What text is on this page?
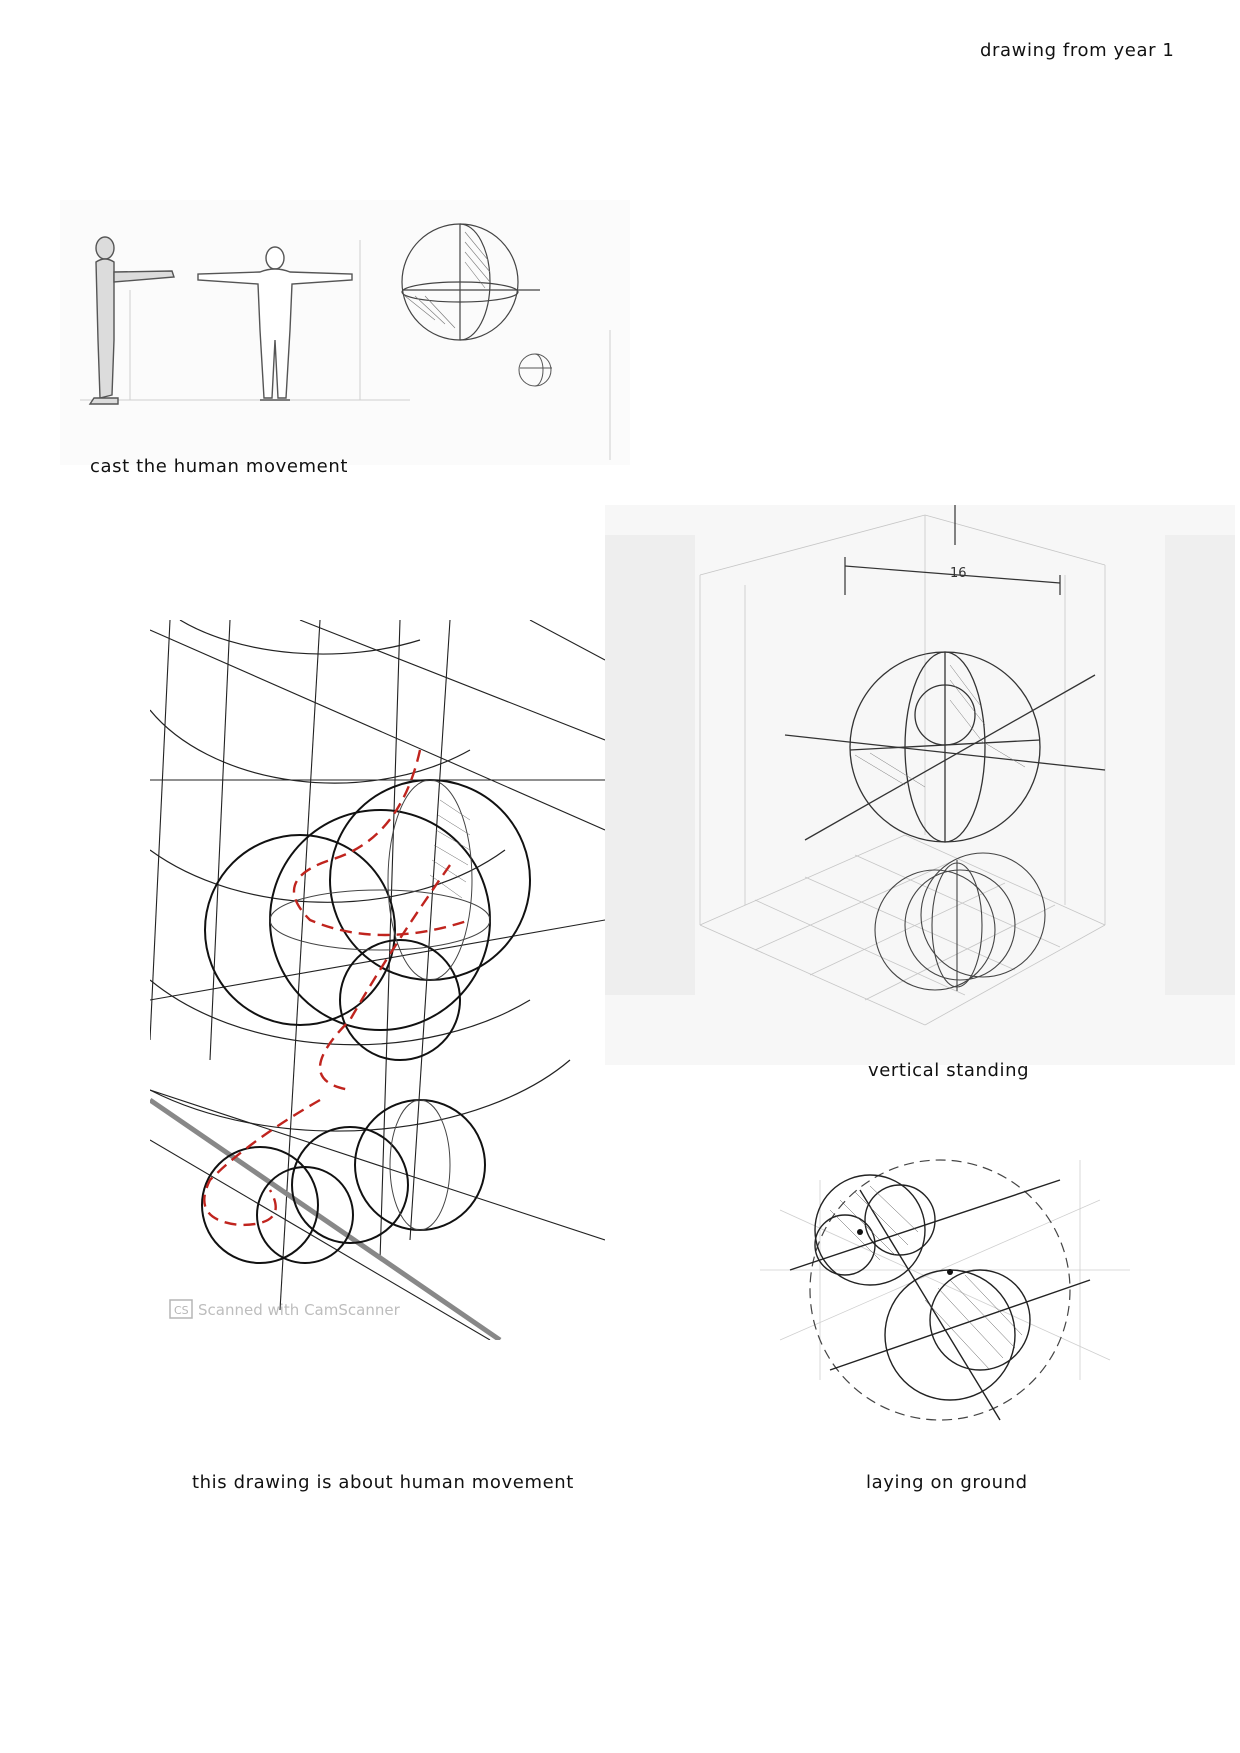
drawing from year 1
cast the human movement
16
vertical standing
CS Scanned with CamScanner
this drawing is about human movement	laying on ground
